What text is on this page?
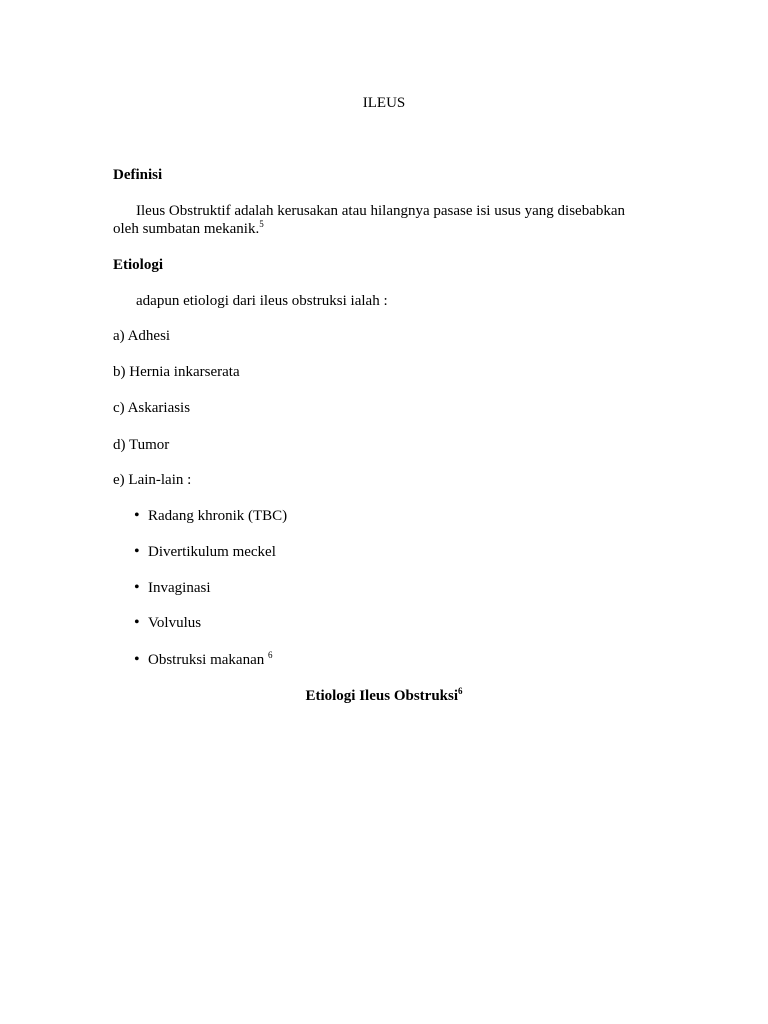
ILEUS
Definisi
Ileus Obstruktif adalah kerusakan atau hilangnya pasase isi usus yang disebabkan
oleh sumbatan mekanik.$^5$
Etiologi
adapun etiologi dari ileus obstruksi ialah :
a) Adhesi
b) Hernia inkarserata
c) Askariasis
d) Tumor
e) Lain-lain :
• Radang khronik (TBC)
• Divertikulum meckel
• Invaginasi
• Volvulus
• Obstruksi makanan $^6$
Etiologi Ileus Obstruksi$^6$
